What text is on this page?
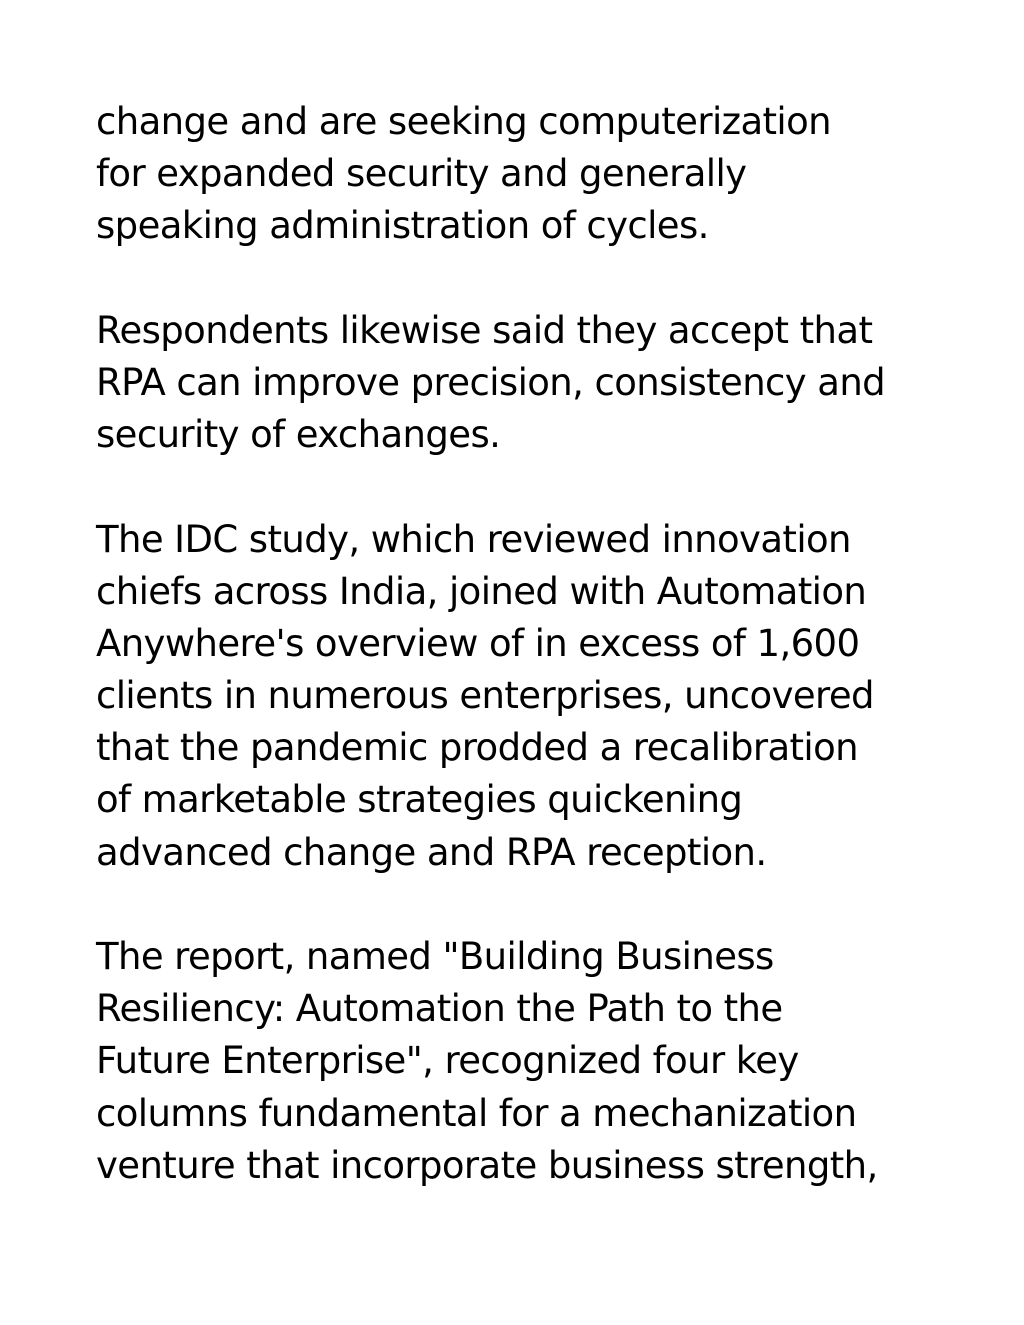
change and are seeking computerization
for expanded security and generally
speaking administration of cycles.
Respondents likewise said they accept that
RPA can improve precision, consistency and
security of exchanges.
The IDC study, which reviewed innovation
chiefs across India, joined with Automation
Anywhere's overview of in excess of 1,600
clients in numerous enterprises, uncovered
that the pandemic prodded a recalibration
of marketable strategies quickening
advanced change and RPA reception.
The report, named "Building Business
Resiliency: Automation the Path to the
Future Enterprise", recognized four key
columns fundamental for a mechanization
venture that incorporate business strength,
